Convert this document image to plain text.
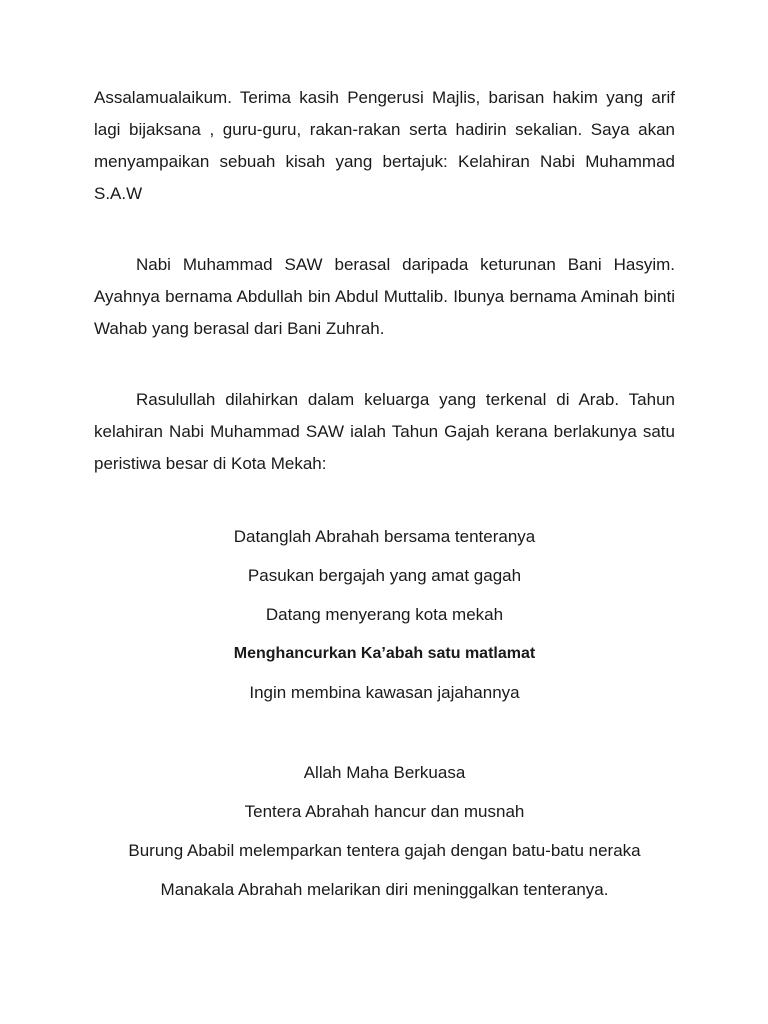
Assalamualaikum. Terima kasih Pengerusi Majlis, barisan hakim yang arif lagi bijaksana , guru-guru, rakan-rakan serta hadirin sekalian. Saya akan menyampaikan sebuah kisah yang bertajuk: Kelahiran Nabi Muhammad S.A.W

Nabi Muhammad SAW berasal daripada keturunan Bani Hasyim. Ayahnya bernama Abdullah bin Abdul Muttalib. Ibunya bernama Aminah binti Wahab yang berasal dari Bani Zuhrah.

Rasulullah dilahirkan dalam keluarga yang terkenal di Arab. Tahun kelahiran Nabi Muhammad SAW ialah Tahun Gajah kerana berlakunya satu peristiwa besar di Kota Mekah:

Datanglah Abrahah bersama tenteranya
Pasukan bergajah yang amat gagah
Datang menyerang kota mekah
Menghancurkan Ka’abah satu matlamat
Ingin membina kawasan jajahannya
Allah Maha Berkuasa
Tentera Abrahah hancur dan musnah
Burung Ababil melemparkan tentera gajah dengan batu-batu neraka
Manakala Abrahah melarikan diri meninggalkan tenteranya.
